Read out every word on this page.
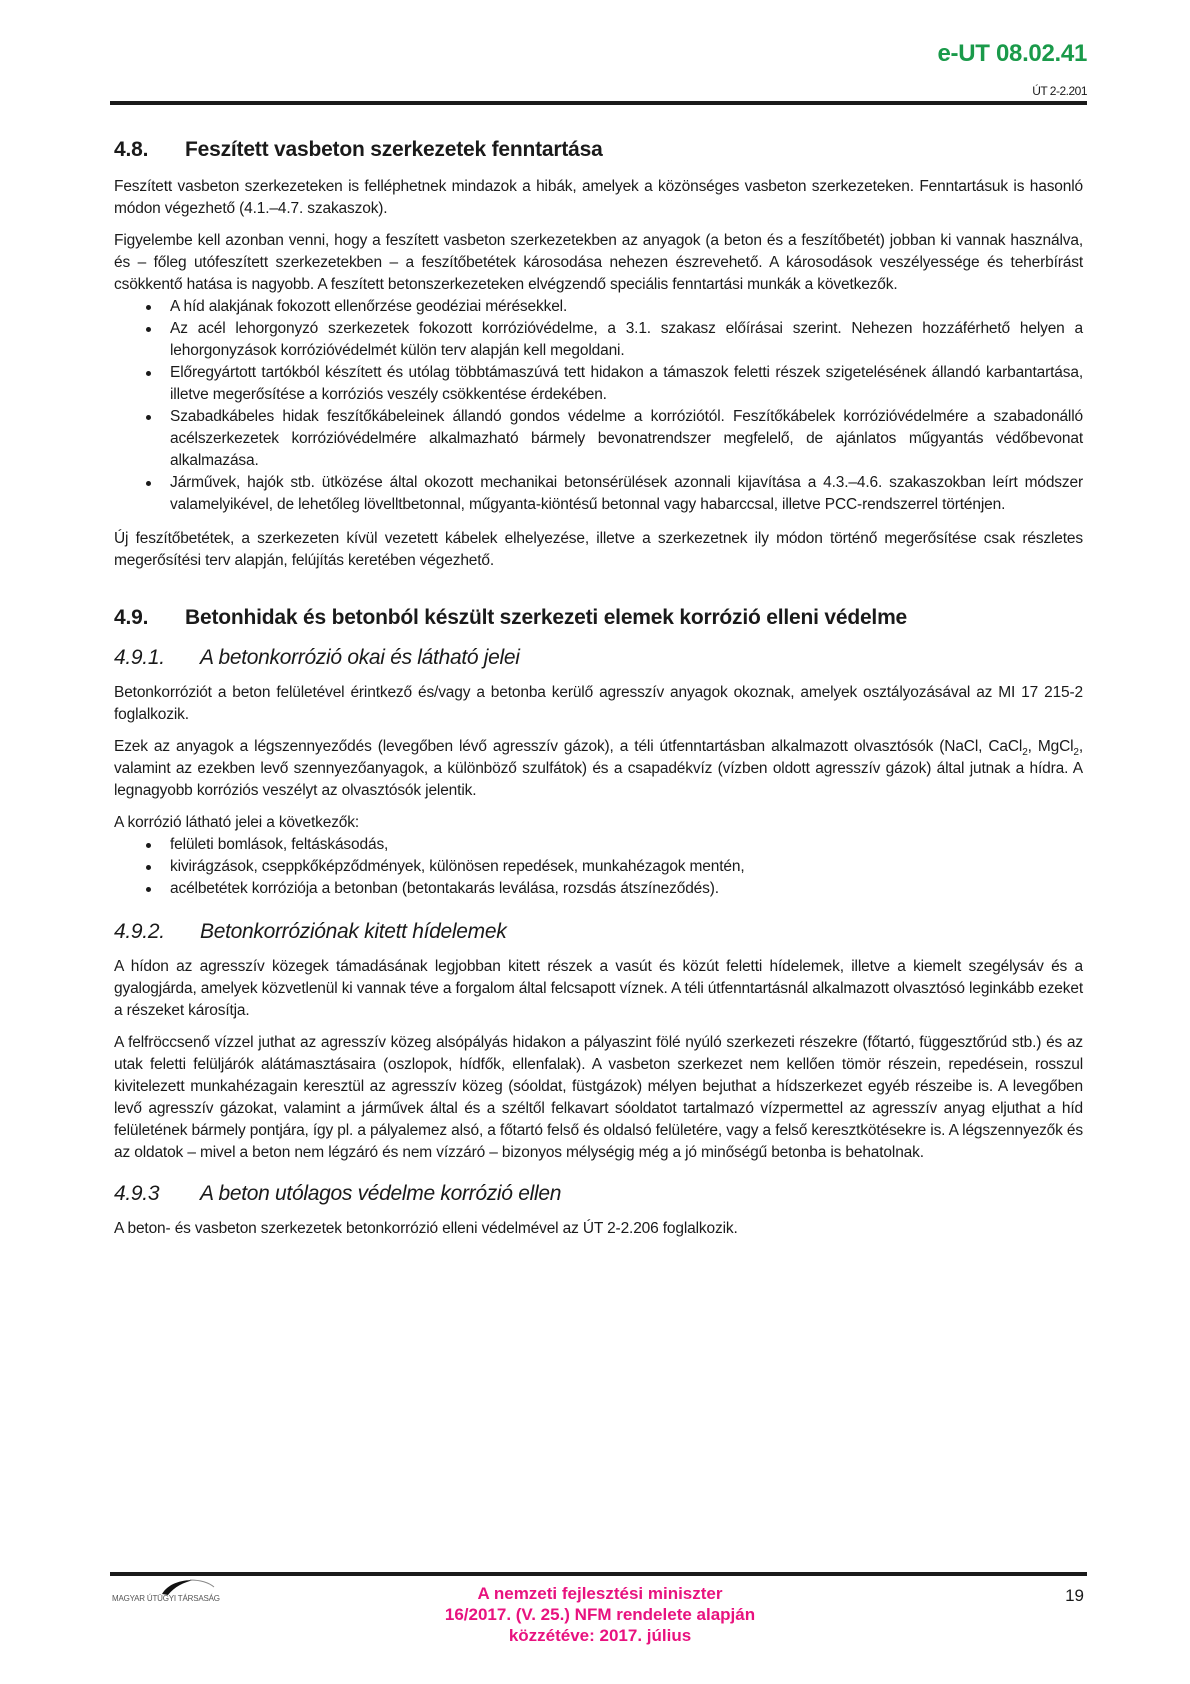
e-UT 08.02.41
ÚT 2-2.201
4.8.	Feszített vasbeton szerkezetek fenntartása

Feszített vasbeton szerkezeteken is felléphetnek mindazok a hibák, amelyek a közönséges vasbeton szerkezeteken. Fenntartásuk is hasonló módon végezhető (4.1.–4.7. szakaszok).

Figyelembe kell azonban venni, hogy a feszített vasbeton szerkezetekben az anyagok (a beton és a feszítőbetét) jobban ki vannak használva, és – főleg utófeszített szerkezetekben – a feszítőbetétek károsodása nehezen észrevehető. A károsodások veszélyessége és teherbírást csökkentő hatása is nagyobb. A feszített betonszerkezeteken elvégzendő speciális fenntartási munkák a következők.

A híd alakjának fokozott ellenőrzése geodéziai mérésekkel.
Az acél lehorgonyzó szerkezetek fokozott korrózióvédelme, a 3.1. szakasz előírásai szerint. Nehezen hozzáférhető helyen a lehorgonyzások korrózióvédelmét külön terv alapján kell megoldani.
Előregyártott tartókból készített és utólag többtámaszúvá tett hidakon a támaszok feletti részek szigetelésének állandó karbantartása, illetve megerősítése a korróziós veszély csökkentése érdekében.
Szabadkábeles hidak feszítőkábeleinek állandó gondos védelme a korróziótól. Feszítőkábelek korrózióvédelmére a szabadonálló acélszerkezetek korrózióvédelmére alkalmazható bármely bevonatrendszer megfelelő, de ajánlatos műgyantás védőbevonat alkalmazása.
Járművek, hajók stb. ütközése által okozott mechanikai betonsérülések azonnali kijavítása a 4.3.–4.6. szakaszokban leírt módszer valamelyikével, de lehetőleg lövelltbetonnal, műgyanta-kiöntésű betonnal vagy habarccsal, illetve PCC-rendszerrel történjen.

Új feszítőbetétek, a szerkezeten kívül vezetett kábelek elhelyezése, illetve a szerkezetnek ily módon történő megerősítése csak részletes megerősítési terv alapján, felújítás keretében végezhető.

4.9.	Betonhidak és betonból készült szerkezeti elemek korrózió elleni védelme
4.9.1.	A betonkorrózió okai és látható jelei

Betonkorróziót a beton felületével érintkező és/vagy a betonba kerülő agresszív anyagok okoznak, amelyek osztályozásával az MI 17 215-2 foglalkozik.

Ezek az anyagok a légszennyeződés (levegőben lévő agresszív gázok), a téli útfenntartásban alkalmazott olvasztósók (NaCl, CaCl$_2$, MgCl$_2$, valamint az ezekben levő szennyezőanyagok, a különböző szulfátok) és a csapadékvíz (vízben oldott agresszív gázok) által jutnak a hídra. A legnagyobb korróziós veszélyt az olvasztósók jelentik.

A korrózió látható jelei a következők:

felületi bomlások, feltáskásodás,
kivirágzások, cseppkőképződmények, különösen repedések, munkahézagok mentén,
acélbetétek korróziója a betonban (betontakarás leválása, rozsdás átszíneződés).
4.9.2.	Betonkorróziónak kitett hídelemek

A hídon az agresszív közegek támadásának legjobban kitett részek a vasút és közút feletti hídelemek, illetve a kiemelt szegélysáv és a gyalogjárda, amelyek közvetlenül ki vannak téve a forgalom által felcsapott víznek. A téli útfenntartásnál alkalmazott olvasztósó leginkább ezeket a részeket károsítja.

A felfröccsenő vízzel juthat az agresszív közeg alsópályás hidakon a pályaszint fölé nyúló szerkezeti részekre (főtartó, függesztőrúd stb.) és az utak feletti felüljárók alátámasztásaira (oszlopok, hídfők, ellenfalak). A vasbeton szerkezet nem kellően tömör részein, repedésein, rosszul kivitelezett munkahézagain keresztül az agresszív közeg (sóoldat, füstgázok) mélyen bejuthat a hídszerkezet egyéb részeibe is. A levegőben levő agresszív gázokat, valamint a járművek által és a széltől felkavart sóoldatot tartalmazó vízpermettel az agresszív anyag eljuthat a híd felületének bármely pontjára, így pl. a pályalemez alsó, a főtartó felső és oldalsó felületére, vagy a felső keresztkötésekre is. A légszennyezők és az oldatok – mivel a beton nem légzáró és nem vízzáró – bizonyos mélységig még a jó minőségű betonba is behatolnak.

4.9.3	A beton utólagos védelme korrózió ellen

A beton- és vasbeton szerkezetek betonkorrózió elleni védelmével az ÚT 2-2.206 foglalkozik.

MAGYAR ÚTÜGYI TÁRSASÁG	A nemzeti fejlesztési miniszter
16/2017. (V. 25.) NFM rendelete alapján
közzétéve: 2017. július
19
